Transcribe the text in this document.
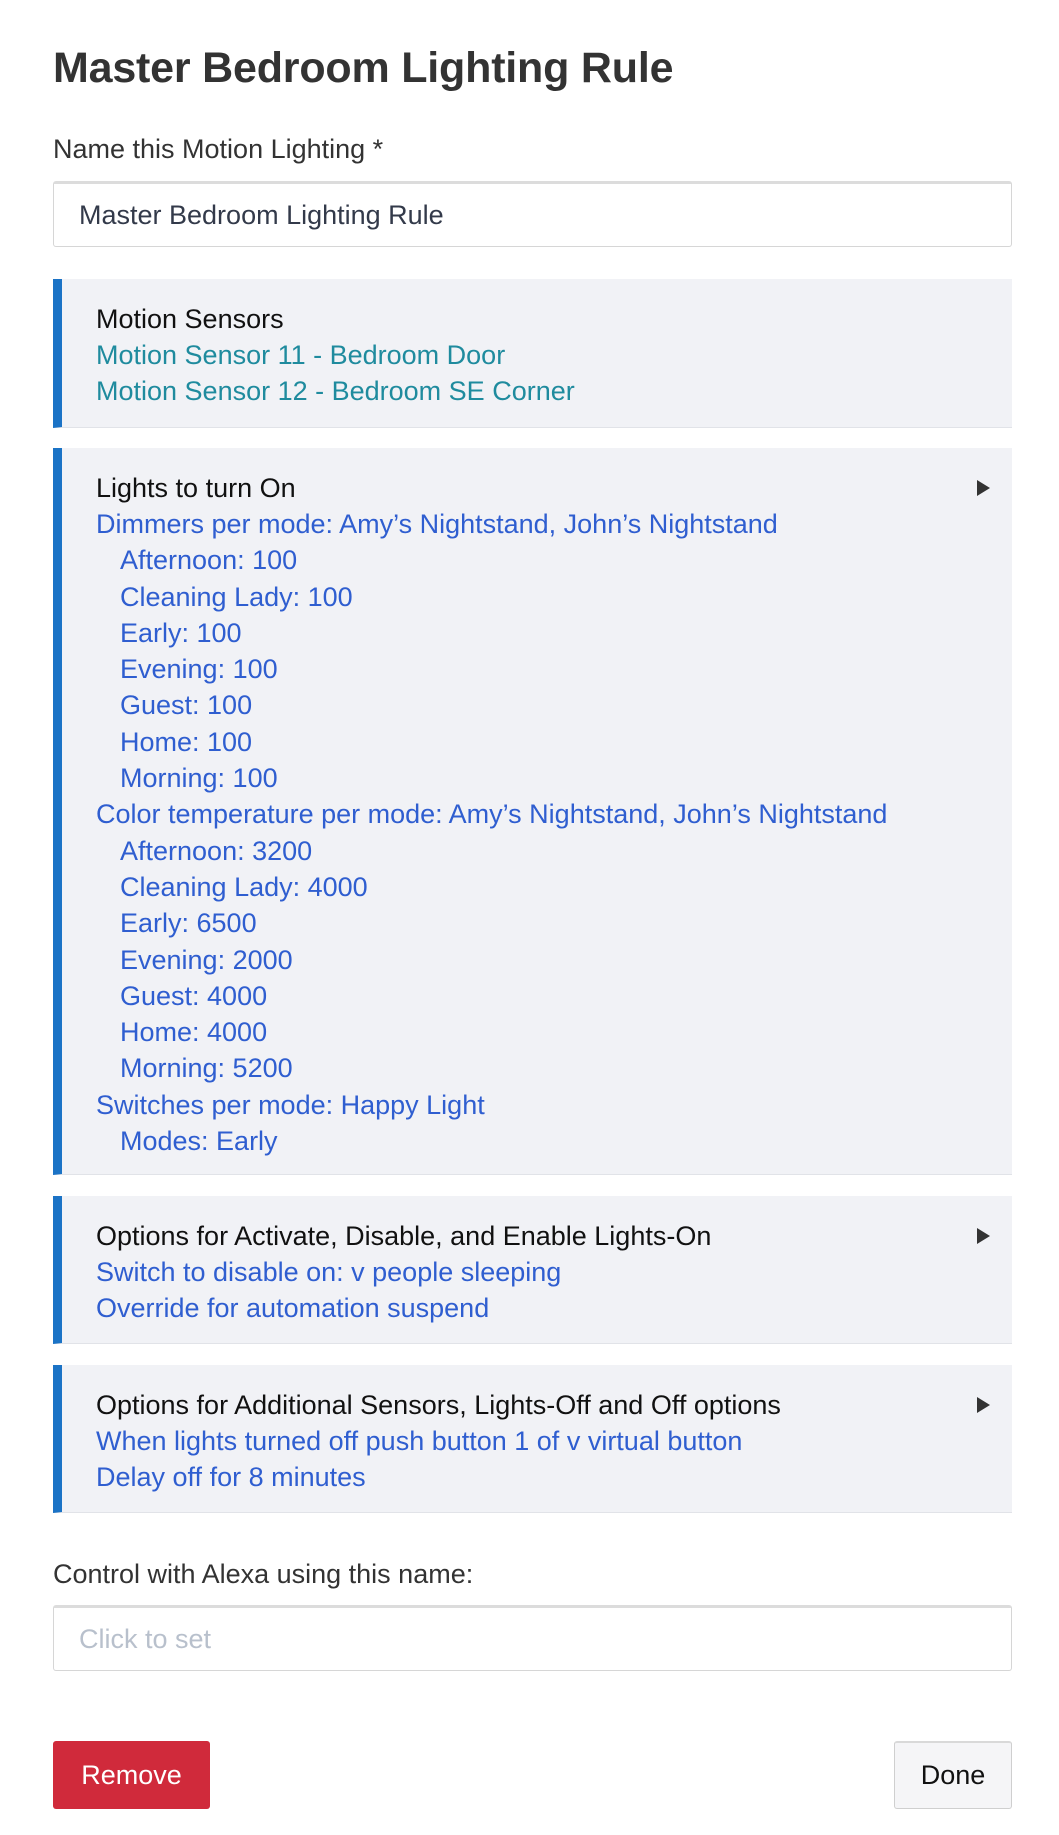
Master Bedroom Lighting Rule
Name this Motion Lighting *
Master Bedroom Lighting Rule
Motion Sensors
Motion Sensor 11 - Bedroom Door
Motion Sensor 12 - Bedroom SE Corner
Lights to turn On
Dimmers per mode: Amy’s Nightstand, John’s Nightstand
Afternoon: 100
Cleaning Lady: 100
Early: 100
Evening: 100
Guest: 100
Home: 100
Morning: 100
Color temperature per mode: Amy’s Nightstand, John’s Nightstand
Afternoon: 3200
Cleaning Lady: 4000
Early: 6500
Evening: 2000
Guest: 4000
Home: 4000
Morning: 5200
Switches per mode: Happy Light
Modes: Early
Options for Activate, Disable, and Enable Lights-On
Switch to disable on: v people sleeping
Override for automation suspend
Options for Additional Sensors, Lights-Off and Off options
When lights turned off push button 1 of v virtual button
Delay off for 8 minutes
Control with Alexa using this name:
Click to set
Remove	Done
